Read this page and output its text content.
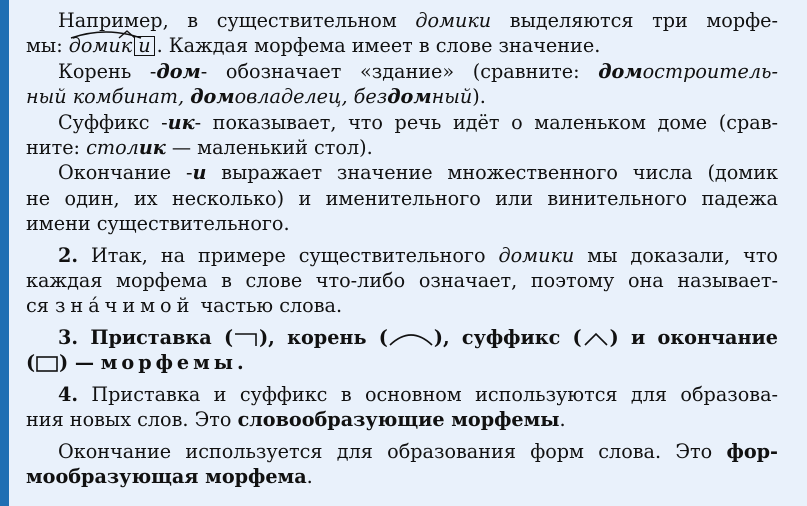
Например, в существительном домики выделяются три морфе-
мы:
домик и . Каждая морфема имеет в слове значение.
Корень -дом- обозначает «здание» (сравните: домостроитель-
ный комбинат, домовладелец, бездомный).
Суффикс -ик- показывает, что речь идёт о маленьком доме (срав-
ните: столик — маленький стол).
Окончание -и выражает значение множественного числа (домик
не один, их несколько) и именительного или винительного падежа
имени существительного.
2. Итак, на примере существительного домики мы доказали, что
каждая морфема в слове что-либо означает, поэтому она называет-
ся зна́чимой частью слова.
3. Приставка ( ), корень ( ), суффикс ( ) и окончание
( ) — морфемы.
4. Приставка и суффикс в основном используются для образова-
ния новых слов. Это словообразующие морфемы.
Окончание используется для образования форм слова. Это фор-
мообразующая морфема.
